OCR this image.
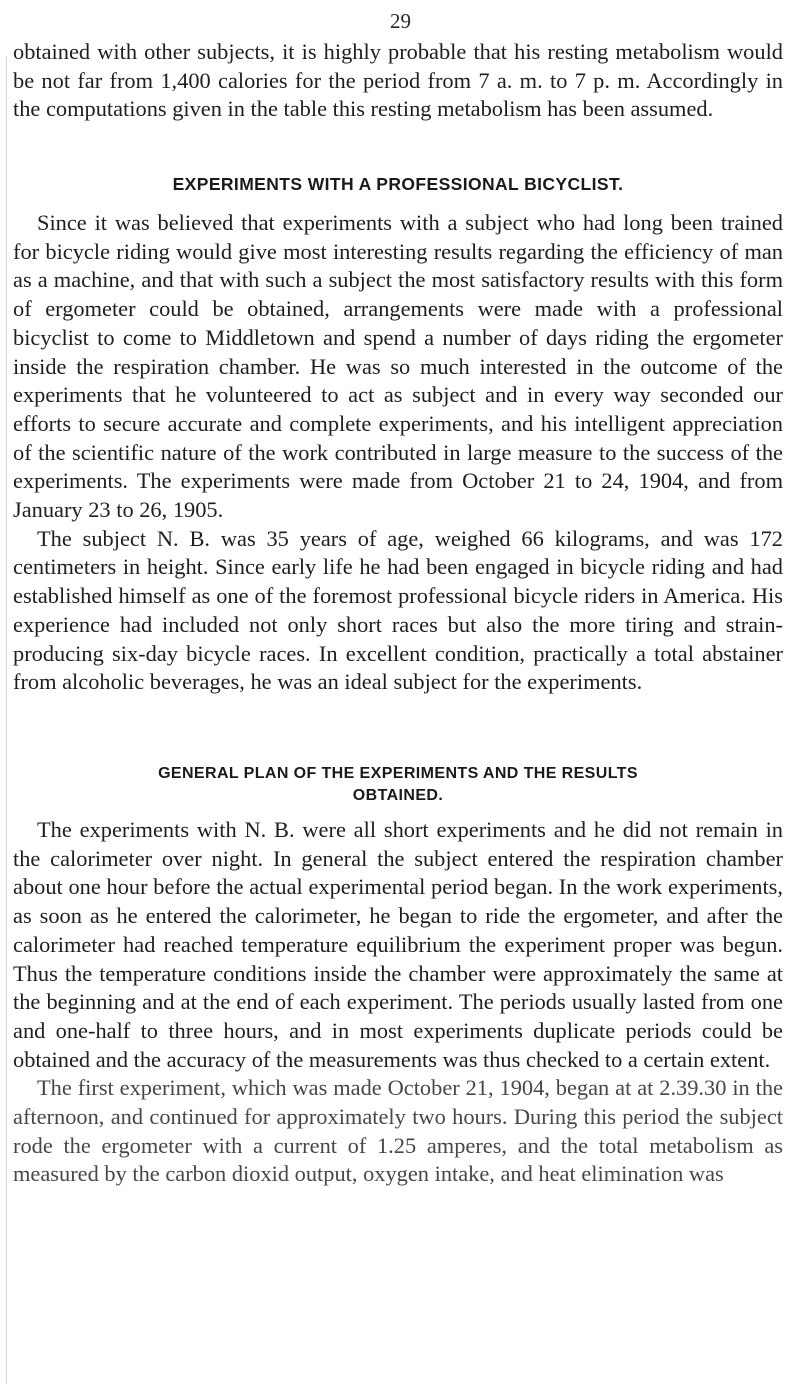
29

obtained with other subjects, it is highly probable that his resting metabolism would be not far from 1,400 calories for the period from 7 a. m. to 7 p. m. Accordingly in the computations given in the table this resting metabolism has been assumed.

EXPERIMENTS WITH A PROFESSIONAL BICYCLIST.

Since it was believed that experiments with a subject who had long been trained for bicycle riding would give most interesting results regarding the efficiency of man as a machine, and that with such a subject the most satisfactory results with this form of ergometer could be obtained, arrangements were made with a professional bicyclist to come to Middletown and spend a number of days riding the ergometer inside the respiration chamber. He was so much interested in the outcome of the experiments that he volunteered to act as subject and in every way seconded our efforts to secure accurate and complete experiments, and his intelligent appreciation of the scientific nature of the work contributed in large measure to the success of the experiments. The experiments were made from October 21 to 24, 1904, and from January 23 to 26, 1905.

The subject N. B. was 35 years of age, weighed 66 kilograms, and was 172 centimeters in height. Since early life he had been engaged in bicycle riding and had established himself as one of the foremost professional bicycle riders in America. His experience had included not only short races but also the more tiring and strain-producing six-day bicycle races. In excellent condition, practically a total abstainer from alcoholic beverages, he was an ideal subject for the experiments.

GENERAL PLAN OF THE EXPERIMENTS AND THE RESULTS
OBTAINED.

The experiments with N. B. were all short experiments and he did not remain in the calorimeter over night. In general the subject entered the respiration chamber about one hour before the actual experimental period began. In the work experiments, as soon as he entered the calorimeter, he began to ride the ergometer, and after the calorimeter had reached temperature equilibrium the experiment proper was begun. Thus the temperature conditions inside the chamber were approximately the same at the beginning and at the end of each experiment. The periods usually lasted from one and one-half to three hours, and in most experiments duplicate periods could be obtained and the accuracy of the measurements was thus checked to a certain extent.

The first experiment, which was made October 21, 1904, began at at 2.39.30 in the afternoon, and continued for approximately two hours. During this period the subject rode the ergometer with a current of 1.25 amperes, and the total metabolism as measured by the carbon dioxid output, oxygen intake, and heat elimination was
